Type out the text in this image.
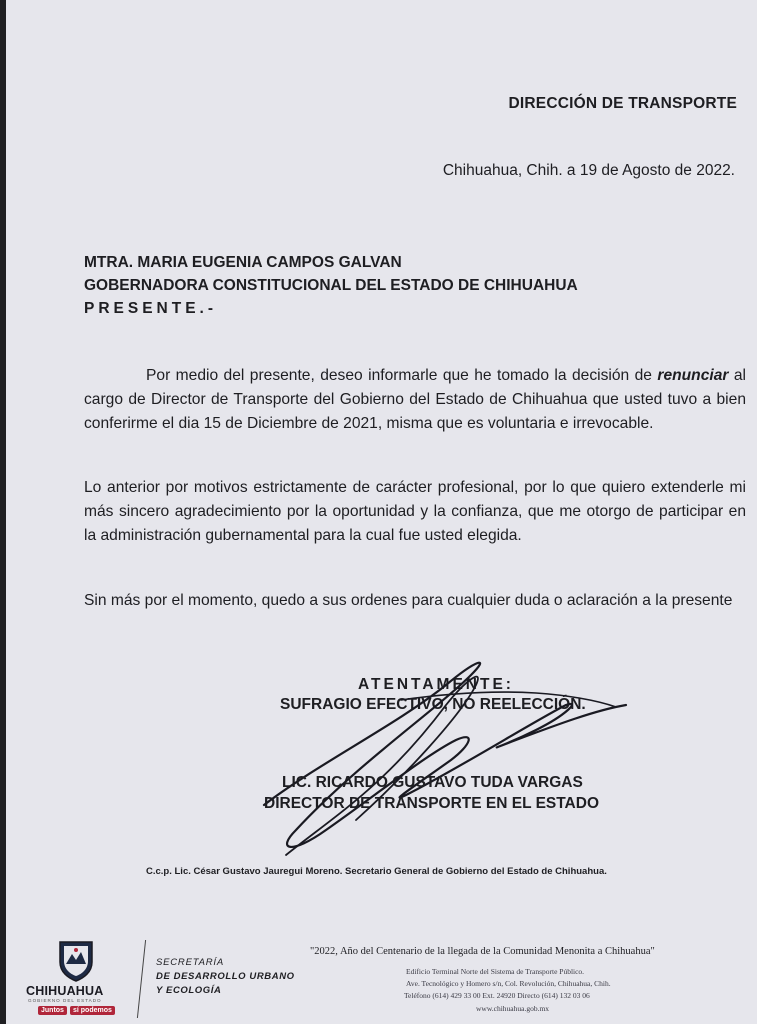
DIRECCIÓN DE TRANSPORTE
Chihuahua, Chih. a 19 de Agosto de 2022.
MTRA. MARIA EUGENIA CAMPOS GALVAN
GOBERNADORA CONSTITUCIONAL DEL ESTADO DE CHIHUAHUA
PRESENTE.-
Por medio del presente, deseo informarle que he tomado la decisión de renunciar al cargo de Director de Transporte del Gobierno del Estado de Chihuahua que usted tuvo a bien conferirme el dia 15 de Diciembre de 2021, misma que es voluntaria e irrevocable.
Lo anterior por motivos estrictamente de carácter profesional, por lo que quiero extenderle mi más sincero agradecimiento por la oportunidad y la confianza, que me otorgo de participar en la administración gubernamental para la cual fue usted elegida.
Sin más por el momento, quedo a sus ordenes para cualquier duda o aclaración a la presente
ATENTAMENTE:
SUFRAGIO EFECTIVO, NO REELECCIÓN.
LIC. RICARDO GUSTAVO TUDA VARGAS
DIRECTOR DE TRANSPORTE EN EL ESTADO
C.c.p. Lic. César Gustavo Jauregui Moreno. Secretario General de Gobierno del Estado de Chihuahua.
CHIHUAHUA
GOBIERNO DEL ESTADO
Juntos	sí podemos
SECRETARÍA
DE DESARROLLO URBANO
Y ECOLOGÍA
"2022, Año del Centenario de la llegada de la Comunidad Menonita a Chihuahua"
Edificio Terminal Norte del Sistema de Transporte Público.
Ave. Tecnológico y Homero s/n, Col. Revolución, Chihuahua, Chih.
Teléfono (614) 429 33 00 Ext. 24920 Directo (614) 132 03 06
www.chihuahua.gob.mx
